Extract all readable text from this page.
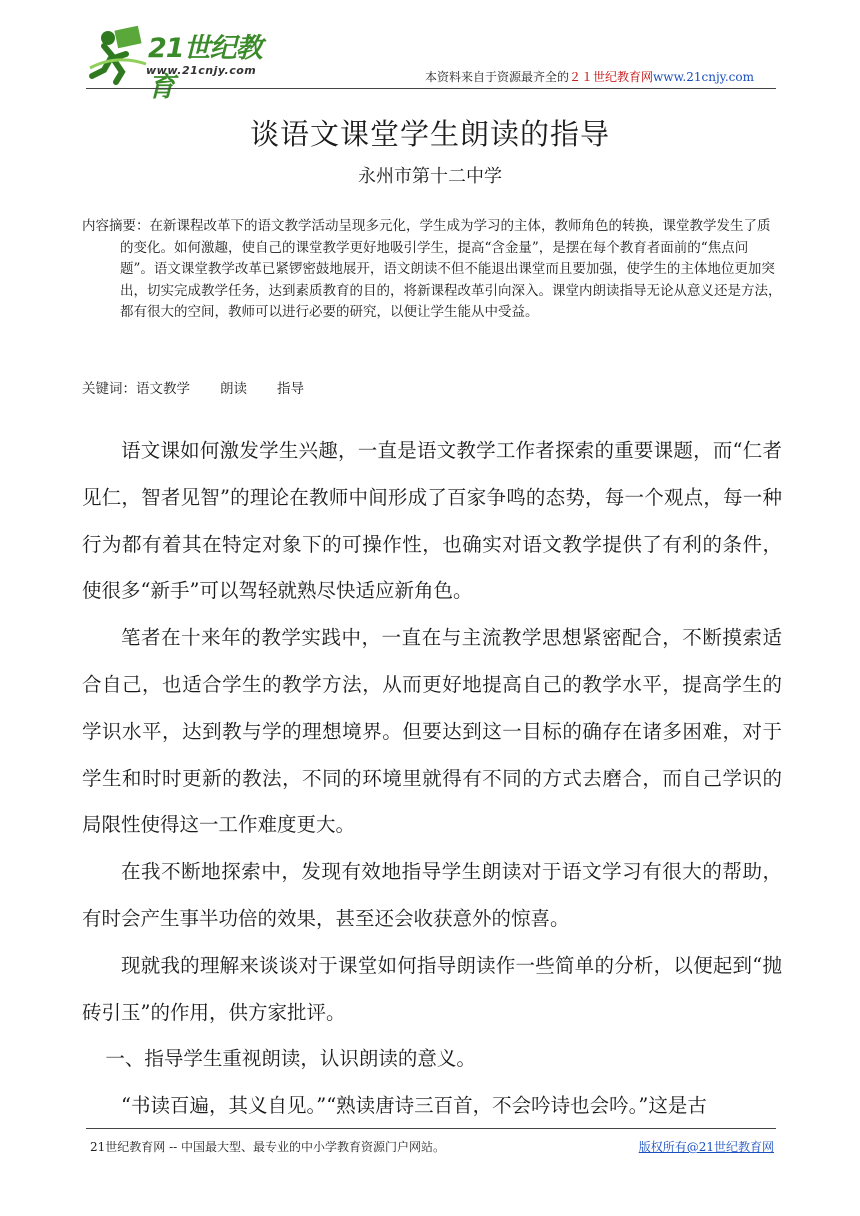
21世纪教育
www.21cnjy.com	本资料来自于资源最齐全的２１世纪教育网www.21cnjy.com
谈语文课堂学生朗读的指导
永州市第十二中学
内容摘要：在新课程改革下的语文教学活动呈现多元化，学生成为学习的主体，教师角色的转换，课堂教学发生了质的变化。如何激趣，使自己的课堂教学更好地吸引学生，提高“含金量”，是摆在每个教育者面前的“焦点问题”。语文课堂教学改革已紧锣密鼓地展开，语文朗读不但不能退出课堂而且要加强，使学生的主体地位更加突出，切实完成教学任务，达到素质教育的目的，将新课程改革引向深入。课堂内朗读指导无论从意义还是方法，都有很大的空间，教师可以进行必要的研究，以便让学生能从中受益。
关键词：语文教学 朗读 指导

语文课如何激发学生兴趣，一直是语文教学工作者探索的重要课题，而“仁者见仁，智者见智”的理论在教师中间形成了百家争鸣的态势，每一个观点，每一种行为都有着其在特定对象下的可操作性，也确实对语文教学提供了有利的条件，使很多“新手”可以驾轻就熟尽快适应新角色。

笔者在十来年的教学实践中，一直在与主流教学思想紧密配合，不断摸索适合自己，也适合学生的教学方法，从而更好地提高自己的教学水平，提高学生的学识水平，达到教与学的理想境界。但要达到这一目标的确存在诸多困难，对于学生和时时更新的教法，不同的环境里就得有不同的方式去磨合，而自己学识的局限性使得这一工作难度更大。

在我不断地探索中，发现有效地指导学生朗读对于语文学习有很大的帮助，有时会产生事半功倍的效果，甚至还会收获意外的惊喜。

现就我的理解来谈谈对于课堂如何指导朗读作一些简单的分析，以便起到“抛砖引玉”的作用，供方家批评。

一、指导学生重视朗读，认识朗读的意义。

“书读百遍，其义自见。”“熟读唐诗三百首，不会吟诗也会吟。”这是古

21世纪教育网 -- 中国最大型、最专业的中小学教育资源门户网站。	版权所有@21世纪教育网
